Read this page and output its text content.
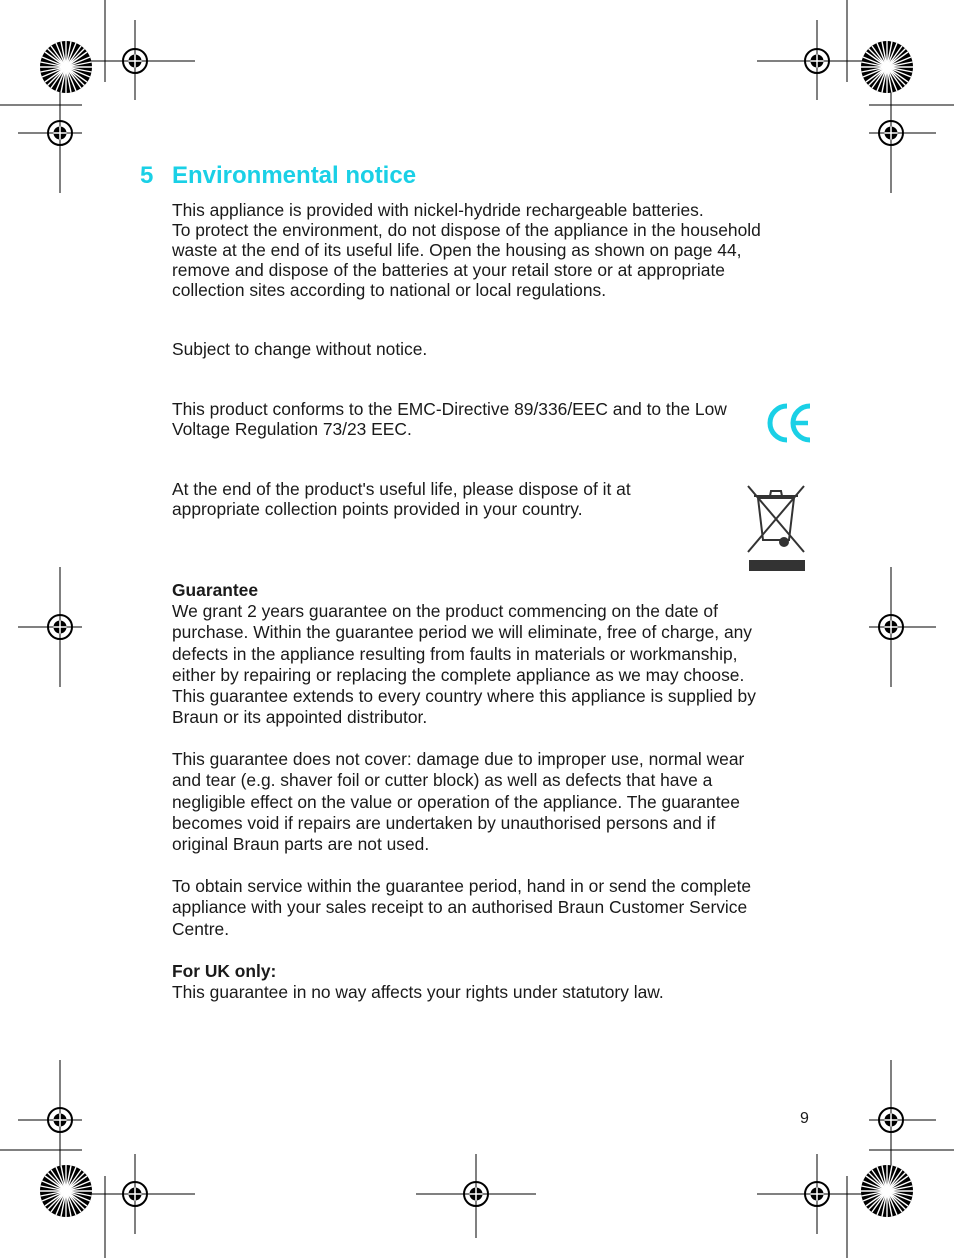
5 Environmental notice

This appliance is provided with nickel-hydride rechargeable batteries.
To protect the environment, do not dispose of the appliance in the household
waste at the end of its useful life. Open the housing as shown on page 44,
remove and dispose of the batteries at your retail store or at appropriate
collection sites according to national or local regulations.

Subject to change without notice.

This product conforms to the EMC-Directive 89/336/EEC and to the Low
Voltage Regulation 73/23 EEC.

At the end of the product's useful life, please dispose of it at
appropriate collection points provided in your country.

Guarantee

We grant 2 years guarantee on the product commencing on the date of
purchase. Within the guarantee period we will eliminate, free of charge, any
defects in the appliance resulting from faults in materials or workmanship,
either by repairing or replacing the complete appliance as we may choose.
This guarantee extends to every country where this appliance is supplied by
Braun or its appointed distributor.

This guarantee does not cover: damage due to improper use, normal wear
and tear (e.g. shaver foil or cutter block) as well as defects that have a
negligible effect on the value or operation of the appliance. The guarantee
becomes void if repairs are undertaken by unauthorised persons and if
original Braun parts are not used.

To obtain service within the guarantee period, hand in or send the complete
appliance with your sales receipt to an authorised Braun Customer Service
Centre.

For UK only:

This guarantee in no way affects your rights under statutory law.

9
